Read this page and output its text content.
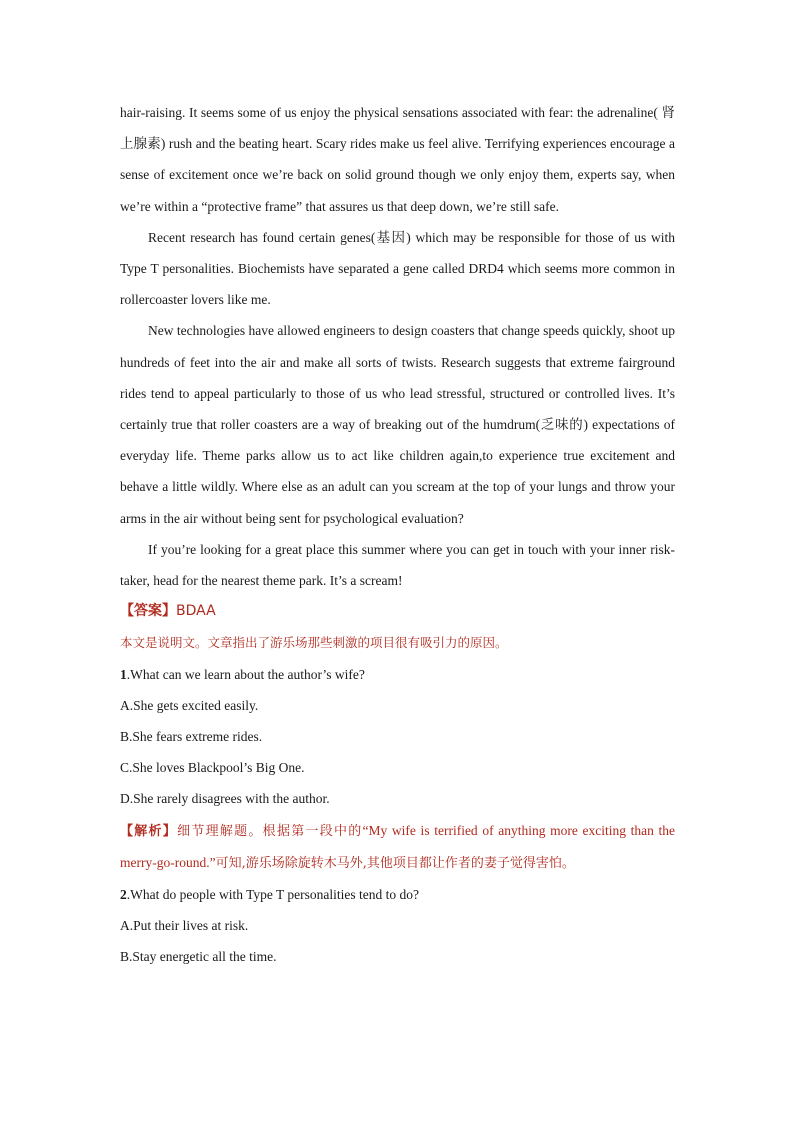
hair-raising. It seems some of us enjoy the physical sensations associated with fear: the adrenaline( 肾上腺素) rush and the beating heart. Scary rides make us feel alive. Terrifying experiences encourage a sense of excitement once we’re back on solid ground though we only enjoy them, experts say, when we’re within a “protective frame” that assures us that deep down, we’re still safe.

Recent research has found certain genes(基因) which may be responsible for those of us with Type T personalities. Biochemists have separated a gene called DRD4 which seems more common in rollercoaster lovers like me.

New technologies have allowed engineers to design coasters that change speeds quickly, shoot up hundreds of feet into the air and make all sorts of twists. Research suggests that extreme fairground rides tend to appeal particularly to those of us who lead stressful, structured or controlled lives. It’s certainly true that roller coasters are a way of breaking out of the humdrum(乏味的) expectations of everyday life. Theme parks allow us to act like children again,to experience true excitement and behave a little wildly. Where else as an adult can you scream at the top of your lungs and throw your arms in the air without being sent for psychological evaluation?

If you’re looking for a great place this summer where you can get in touch with your inner risk-taker, head for the nearest theme park. It’s a scream!

【答案】BDAA

本文是说明文。文章指出了游乐场那些刺激的项目很有吸引力的原因。

1.What can we learn about the author’s wife?

A.She gets excited easily.

B.She fears extreme rides.

C.She loves Blackpool’s Big One.

D.She rarely disagrees with the author.

【解析】细节理解题。根据第一段中的“My wife is terrified of anything more exciting than the merry-go-round.”可知,游乐场除旋转木马外,其他项目都让作者的妻子觉得害怕。

2.What do people with Type T personalities tend to do?

A.Put their lives at risk.

B.Stay energetic all the time.
